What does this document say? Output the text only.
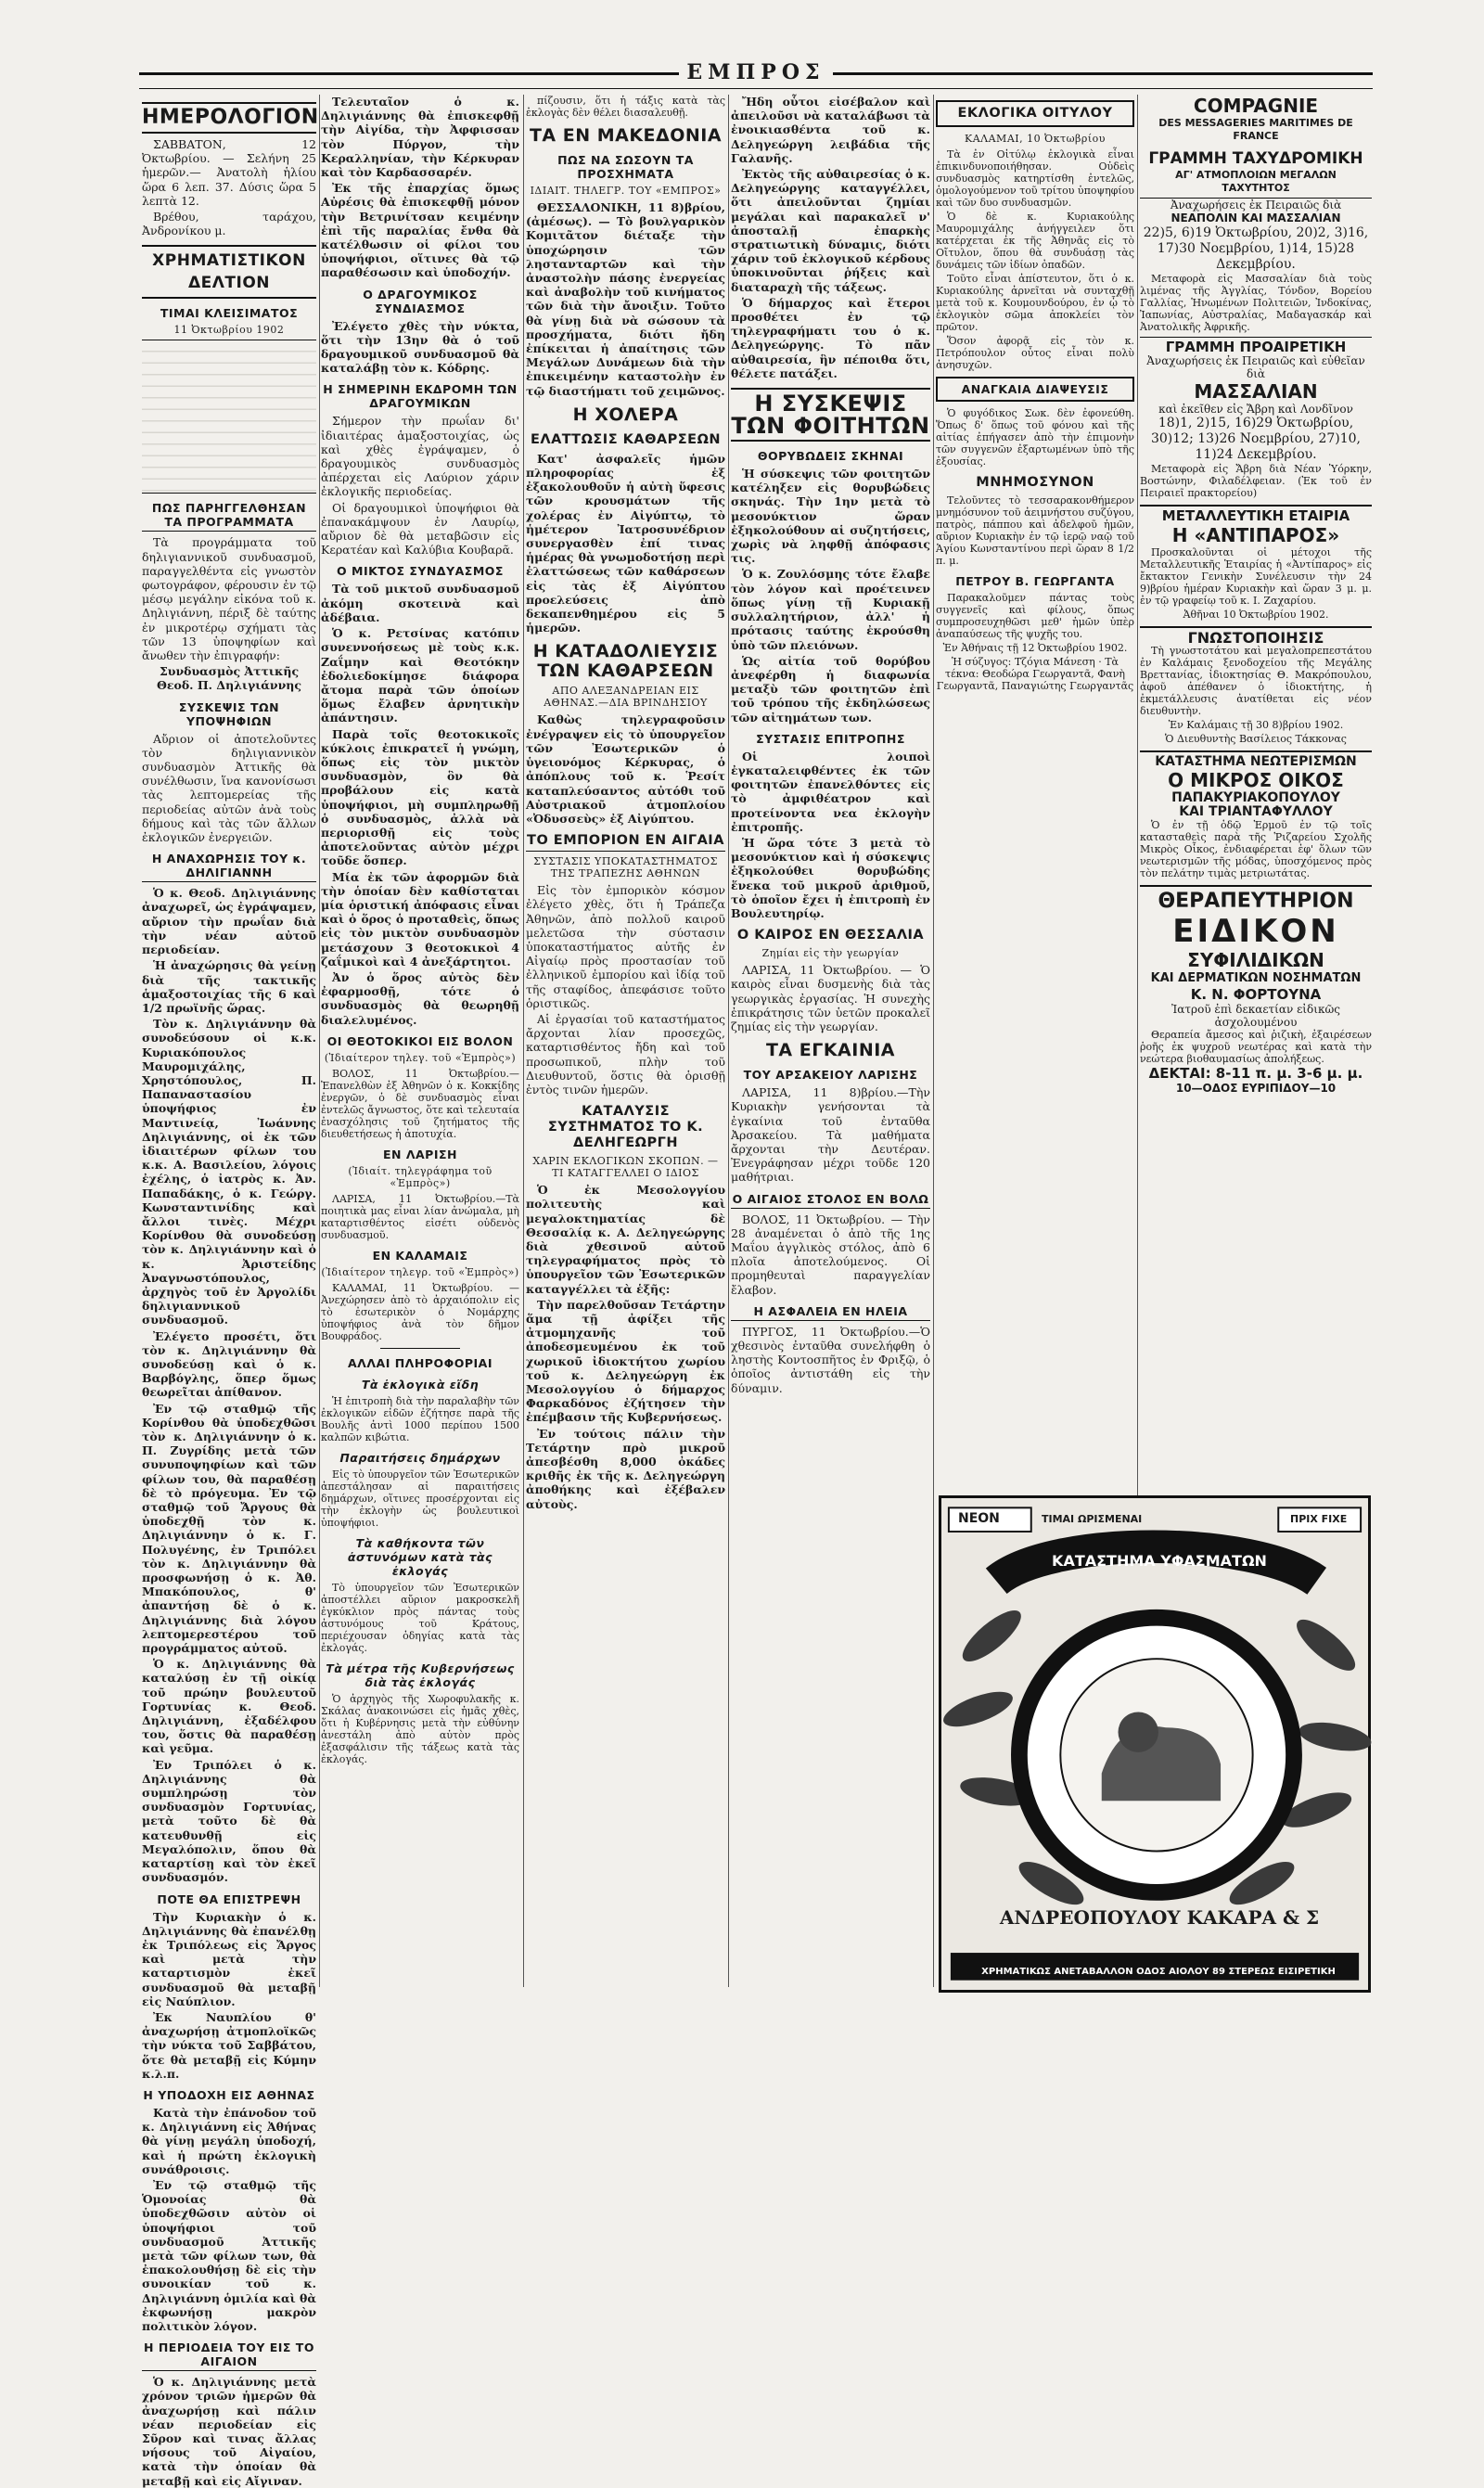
ΕΜΠΡΟΣ
ΗΜΕΡΟΛΟΓΙΟΝ

ΣΑΒΒΑΤΟΝ, 12 Ὀκτωβρίου. — Σελήνη 25 ἡμερῶν.— Ἀνατολὴ ἡλίου ὥρα 6 λεπ. 37. Δύσις ὥρα 5 λεπτὰ 12.

Βρέθου, ταράχου, Ἀνδρονίκου μ.

ΧΡΗΜΑΤΙΣΤΙΚΟΝ ΔΕΛΤΙΟΝ
ΤΙΜΑΙ ΚΛΕΙΣΙΜΑΤΟΣ
11 Ὀκτωβρίου 1902
ΠΩΣ ΠΑΡΗΓΓΕΛΘΗΣΑΝ ΤΑ ΠΡΟΓΡΑΜΜΑΤΑ

Τὰ προγράμματα τοῦ δηλιγιαννικοῦ συνδυασμοῦ, παραγγελθέντα εἰς γνωστὸν φωτογράφον, φέρουσιν ἐν τῷ μέσῳ μεγάλην εἰκόνα τοῦ κ. Δηλιγιάννη, πέριξ δὲ ταύτης ἐν μικροτέρῳ σχήματι τὰς τῶν 13 ὑποψηφίων καὶ ἄνωθεν τὴν ἐπιγραφήν:

Συνδυασμὸς Ἀττικῆς Θεοδ. Π. Δηλιγιάννης

ΣΥΣΚΕΨΙΣ ΤΩΝ ΥΠΟΨΗΦΙΩΝ

Αὔριον οἱ ἀποτελοῦντες τὸν δηλιγιαννικὸν συνδυασμὸν Ἀττικῆς θὰ συνέλθωσιν, ἵνα κανονίσωσι τὰς λεπτομερείας τῆς περιοδείας αὐτῶν ἀνὰ τοὺς δήμους καὶ τὰς τῶν ἄλλων ἐκλογικῶν ἐνεργειῶν.

Η ΑΝΑΧΩΡΗΣΙΣ ΤΟΥ κ. ΔΗΛΙΓΙΑΝΝΗ

Ὁ κ. Θεοδ. Δηλιγιάννης ἀναχωρεῖ, ὡς ἐγράψαμεν, αὔριον τὴν πρωΐαν διὰ τὴν νέαν αὐτοῦ περιοδείαν.

Ἡ ἀναχώρησις θὰ γείνῃ διὰ τῆς τακτικῆς ἁμαξοστοιχίας τῆς 6 καὶ 1/2 πρωϊνῆς ὥρας.

Τὸν κ. Δηλιγιάννην θὰ συνοδεύσουν οἱ κ.κ. Κυριακόπουλος Μαυρομιχάλης, Χρηστόπουλος, Π. Παπαναστασίου ὑποψήφιος ἐν Μαντινείᾳ, Ἰωάννης Δηλιγιάννης, οἱ ἐκ τῶν ἰδιαιτέρων φίλων του κ.κ. Α. Βασιλείου, λόγοις ἐχέλης, ὁ ἰατρὸς κ. Ἀν. Παπαδάκης, ὁ κ. Γεώργ. Κωνσταντινίδης καὶ ἄλλοι τινὲς. Μέχρι Κορίνθου θὰ συνοδεύσῃ τὸν κ. Δηλιγιάννην καὶ ὁ κ. Ἀριστείδης Ἀναγνωστόπουλος, ἀρχηγὸς τοῦ ἐν Ἀργολίδι δηλιγιαννικοῦ συνδυασμοῦ.

Ἐλέγετο προσέτι, ὅτι τὸν κ. Δηλιγιάννην θὰ συνοδεύσῃ καὶ ὁ κ. Βαρβόγλης, ὅπερ ὅμως θεωρεῖται ἀπίθανον.

Ἐν τῷ σταθμῷ τῆς Κορίνθου θὰ ὑποδεχθῶσι τὸν κ. Δηλιγιάννην ὁ κ. Π. Ζυγρίδης μετὰ τῶν συνυποψηφίων καὶ τῶν φίλων του, θὰ παραθέσῃ δὲ τὸ πρόγευμα. Ἐν τῷ σταθμῷ τοῦ Ἄργους θὰ ὑποδεχθῇ τὸν κ. Δηλιγιάννην ὁ κ. Γ. Πολυγένης, ἐν Τριπόλει τὸν κ. Δηλιγιάννην θὰ προσφωνήσῃ ὁ κ. Ἀθ. Μπακόπουλος, θ' ἀπαντήσῃ δὲ ὁ κ. Δηλιγιάννης διὰ λόγου λεπτομερεστέρου τοῦ προγράμματος αὐτοῦ.

Ὁ κ. Δηλιγιάννης θὰ καταλύσῃ ἐν τῇ οἰκίᾳ τοῦ πρώην βουλευτοῦ Γορτυνίας κ. Θεοδ. Δηλιγιάννη, ἐξαδέλφου του, ὅστις θὰ παραθέσῃ καὶ γεῦμα.

Ἐν Τριπόλει ὁ κ. Δηλιγιάννης θὰ συμπληρώσῃ τὸν συνδυασμὸν Γορτυνίας, μετὰ τοῦτο δὲ θὰ κατευθυνθῇ εἰς Μεγαλόπολιν, ὅπου θὰ καταρτίσῃ καὶ τὸν ἐκεῖ συνδυασμόν.

ΠΟΤΕ ΘΑ ΕΠΙΣΤΡΕΨΗ

Τὴν Κυριακὴν ὁ κ. Δηλιγιάννης θὰ ἐπανέλθῃ ἐκ Τριπόλεως εἰς Ἄργος καὶ μετὰ τὴν καταρτισμὸν ἐκεῖ συνδυασμοῦ θὰ μεταβῇ εἰς Ναύπλιον.

Ἐκ Ναυπλίου θ' ἀναχωρήσῃ ἀτμοπλοϊκῶς τὴν νύκτα τοῦ Σαββάτου, ὅτε θὰ μεταβῇ εἰς Κύμην κ.λ.π.

Η ΥΠΟΔΟΧΗ ΕΙΣ ΑΘΗΝΑΣ

Κατὰ τὴν ἐπάνοδον τοῦ κ. Δηλιγιάννη εἰς Ἀθήνας θὰ γίνῃ μεγάλη ὑποδοχή, καὶ ἡ πρώτη ἐκλογικὴ συνάθροισις.

Ἐν τῷ σταθμῷ τῆς Ὁμονοίας θὰ ὑποδεχθῶσιν αὐτὸν οἱ ὑποψήφιοι τοῦ συνδυασμοῦ Ἀττικῆς μετὰ τῶν φίλων των, θὰ ἐπακολουθήσῃ δὲ εἰς τὴν συνοικίαν τοῦ κ. Δηλιγιάννη ὁμιλία καὶ θὰ ἐκφωνήσῃ μακρὸν πολιτικὸν λόγον.

Η ΠΕΡΙΟΔΕΙΑ ΤΟΥ ΕΙΣ ΤΟ ΑΙΓΑΙΟΝ

Ὁ κ. Δηλιγιάννης μετὰ χρόνον τριῶν ἡμερῶν θὰ ἀναχωρήσῃ καὶ πάλιν νέαν περιοδείαν εἰς Σῦρον καὶ τινας ἄλλας νήσους τοῦ Αἰγαίου, κατὰ τὴν ὁποίαν θὰ μεταβῇ καὶ εἰς Αἴγιναν.

Τελευταῖον ὁ κ. Δηλιγιάννης θὰ ἐπισκεφθῇ τὴν Αἰγίδα, τὴν Ἀφφισσαν τὸν Πύργον, τὴν Κεραλληνίαν, τὴν Κέρκυραν καὶ τὸν Καρδασσαρέν.

Ἐκ τῆς ἐπαρχίας ὅμως Αὐρέσις θὰ ἐπισκεφθῇ μόνον τὴν Βετρινίτσαν κειμένην ἐπὶ τῆς παραλίας ἔνθα θὰ κατέλθωσιν οἱ φίλοι του ὑποψήφιοι, οἵτινες θὰ τῷ παραθέσωσιν καὶ ὑποδοχήν.

Ο ΔΡΑΓΟΥΜΙΚΟΣ ΣΥΝΔΙΑΣΜΟΣ

Ἐλέγετο χθὲς τὴν νύκτα, ὅτι τὴν 13ην θὰ ὁ τοῦ δραγουμικοῦ συνδυασμοῦ θὰ καταλάβῃ τὸν κ. Κόδρης.

Η ΣΗΜΕΡΙΝΗ ΕΚΔΡΟΜΗ ΤΩΝ ΔΡΑΓΟΥΜΙΚΩΝ

Σήμερον τὴν πρωΐαν δι' ἰδιαιτέρας ἁμαξοστοιχίας, ὡς καὶ χθὲς ἐγράψαμεν, ὁ δραγουμικὸς συνδυασμὸς ἀπέρχεται εἰς Λαύριον χάριν ἐκλογικῆς περιοδείας.

Οἱ δραγουμικοὶ ὑποψήφιοι θὰ ἐπανακάμψουν ἐν Λαυρίῳ, αὔριον δὲ θὰ μεταβῶσιν εἰς Κερατέαν καὶ Καλύβια Κουβαρᾶ.

Ο ΜΙΚΤΟΣ ΣΥΝΔΥΑΣΜΟΣ

Τὰ τοῦ μικτοῦ συνδυασμοῦ ἀκόμη σκοτεινὰ καὶ ἀδέβαια.

Ὁ κ. Ρετσίνας κατόπιν συνεννοήσεως μὲ τοὺς κ.κ. Ζαΐμην καὶ Θεοτόκην ἐδολιεδοκίμησε διάφορα ἄτομα παρὰ τῶν ὁποίων ὅμως ἔλαβεν ἀρνητικὴν ἀπάντησιν.

Παρὰ τοῖς θεοτοκικοῖς κύκλοις ἐπικρατεῖ ἡ γνώμη, ὅπως εἰς τὸν μικτὸν συνδυασμὸν, ὃν θὰ προβάλουν εἰς κατὰ ὑποψήφιοι, μὴ συμπληρωθῇ ὁ συνδυασμὸς, ἀλλὰ νὰ περιορισθῇ εἰς τοὺς ἀποτελοῦντας αὐτὸν μέχρι τοῦδε ὅσπερ.

Μία ἐκ τῶν ἀφορμῶν διὰ τὴν ὁποίαν δὲν καθίσταται μία ὁριστική ἀπόφασις εἶναι καὶ ὁ ὅρος ὁ προταθεὶς, ὅπως εἰς τὸν μικτὸν συνδυασμὸν μετάσχουν 3 θεοτοκικοὶ 4 ζαΐμικοὶ καὶ 4 ἀνεξάρτητοι.

Ἀν ὁ ὅρος αὐτὸς δὲν ἐφαρμοσθῇ, τότε ὁ συνδυασμὸς θὰ θεωρηθῇ διαλελυμένος.

ΟΙ ΘΕΟΤΟΚΙΚΟΙ ΕΙΣ ΒΟΛΟΝ
(Ἰδιαίτερον τηλεγ. τοῦ «Ἐμπρὸς»)

ΒΟΛΟΣ, 11 Ὀκτωβρίου.—Ἐπανελθὼν ἐξ Ἀθηνῶν ὁ κ. Κοκκίδης ἐνεργῶν, ὁ δὲ συνδυασμὸς εἶναι ἐντελῶς ἄγνωστος, ὅτε καὶ τελευταία ἐνασχόλησις τοῦ ζητήματος τῆς διευθετήσεως ἡ ἀποτυχία.

ΕΝ ΛΑΡΙΣΗ
(Ἰδιαίτ. τηλεγράφημα τοῦ «Ἐμπρὸς»)

ΛΑΡΙΣΑ, 11 Ὀκτωβρίου.—Τὰ ποιητικὰ μας εἶναι λίαν ἀνώμαλα, μὴ καταρτισθέντος εἰσέτι οὐδενὸς συνδυασμοῦ.

ΕΝ ΚΑΛΑΜΑΙΣ
(Ἰδιαίτερον τηλεγρ. τοῦ «Ἐμπρὸς»)

ΚΑΛΑΜΑΙ, 11 Ὀκτωβρίου. — Ἀνεχώρησεν ἀπὸ τὸ ἀρχαιόπολιν εἰς τὸ ἐσωτερικὸν ὁ Νομάρχης ὑποψήφιος ἀνὰ τὸν δῆμον Βουφράδος.

ΑΛΛΑΙ ΠΛΗΡΟΦΟΡΙΑΙ
Τὰ ἐκλογικὰ εἴδη

Ἡ ἐπιτροπὴ διὰ τὴν παραλαβὴν τῶν ἐκλογικῶν εἰδῶν ἐζήτησε παρὰ τῆς Βουλῆς ἀντὶ 1000 περίπου 1500 καλπῶν κιβώτια.

Παραιτήσεις δημάρχων

Εἰς τὸ ὑπουργεῖον τῶν Ἐσωτερικῶν ἀπεστάλησαν αἱ παραιτήσεις δημάρχων, οἵτινες προσέρχονται εἰς τὴν ἐκλογὴν ὡς βουλευτικοὶ ὑποψήφιοι.

Τὰ καθήκοντα τῶν ἀστυνόμων κατὰ τὰς ἐκλογάς

Τὸ ὑπουργεῖον τῶν Ἐσωτερικῶν ἀποστέλλει αὔριον μακροσκελῆ ἐγκύκλιον πρὸς πάντας τοὺς ἀστυνόμους τοῦ Κράτους, περιέχουσαν ὁδηγίας κατὰ τὰς ἐκλογάς.

Τὰ μέτρα τῆς Κυβερνήσεως διὰ τὰς ἐκλογάς

Ὁ ἀρχηγὸς τῆς Χωροφυλακῆς κ. Σκάλας ἀνακοινώσει εἰς ἡμᾶς χθὲς, ὅτι ἡ Κυβέρνησις μετὰ τὴν εὐθύνην ἀνεστάλη ἀπὸ αὐτὸν πρὸς ἐξασφάλισιν τῆς τάξεως κατὰ τὰς ἐκλογάς.

πίζουσιν, ὅτι ἡ τάξις κατὰ τὰς ἐκλογὰς δὲν θέλει διασαλευθῇ.

ΤΑ ΕΝ ΜΑΚΕΔΟΝΙΑ
ΠΩΣ ΝΑ ΣΩΣΟΥΝ ΤΑ ΠΡΟΣΧΗΜΑΤΑ
ΙΔΙΑΙΤ. ΤΗΛΕΓΡ. ΤΟΥ «ΕΜΠΡΟΣ»

ΘΕΣΣΑΛΟΝΙΚΗ, 11 8)βρίου, (ἀμέσως). — Τὸ βουλγαρικὸν Κομιτᾶτον διέταξε τὴν ὑποχώρησιν τῶν ληστανταρτῶν καὶ τὴν ἀναστολὴν πάσης ἐνεργείας καὶ ἀναβολὴν τοῦ κινήματος τῶν διὰ τὴν ἄνοιξιν. Τοῦτο θὰ γίνῃ διὰ νὰ σώσουν τὰ προσχήματα, διότι ἤδη ἐπίκειται ἡ ἀπαίτησις τῶν Μεγάλων Δυνάμεων διὰ τὴν ἐπικειμένην καταστολὴν ἐν τῷ διαστήματι τοῦ χειμῶνος.

Η ΧΟΛΕΡΑ
ΕΛΑΤΤΩΣΙΣ ΚΑΘΑΡΣΕΩΝ

Κατ' ἀσφαλεῖς ἡμῶν πληροφορίας ἐξ ἐξακολουθοῦν ἡ αὐτὴ ὕφεσις τῶν κρουσμάτων τῆς χολέρας ἐν Αἰγύπτῳ, τὸ ἡμέτερον Ἰατροσυνέδριον συνεργασθὲν ἐπί τινας ἡμέρας θὰ γνωμοδοτήσῃ περὶ ἐλαττώσεως τῶν καθάρσεων εἰς τὰς ἐξ Αἰγύπτου προελεύσεις ἀπὸ δεκαπενθημέρου εἰς 5 ἡμερῶν.

Η ΚΑΤΑΔΟΛΙΕΥΣΙΣ ΤΩΝ ΚΑΘΑΡΣΕΩΝ
ΑΠΟ ΑΛΕΞΑΝΔΡΕΙΑΝ ΕΙΣ ΑΘΗΝΑΣ.—ΔΙΑ ΒΡΙΝΔΗΣΙΟΥ

Καθὼς τηλεγραφοῦσιν ἐνέγραψεν εἰς τὸ ὑπουργεῖον τῶν Ἐσωτερικῶν ὁ ὑγειονόμος Κέρκυρας, ὁ ἀπόπλους τοῦ κ. Ῥεσίτ καταπλεύσαντος αὐτόθι τοῦ Αὐστριακοῦ ἀτμοπλοίου «Ὀδυσσεὺς» ἐξ Αἰγύπτου.

ΤΟ ΕΜΠΟΡΙΟΝ ΕΝ ΑΙΓΑΙΑ
ΣΥΣΤΑΣΙΣ ΥΠΟΚΑΤΑΣΤΗΜΑΤΟΣ ΤΗΣ ΤΡΑΠΕΖΗΣ ΑΘΗΝΩΝ

Εἰς τὸν ἐμπορικὸν κόσμον ἐλέγετο χθὲς, ὅτι ἡ Τράπεζα Ἀθηνῶν, ἀπὸ πολλοῦ καιροῦ μελετῶσα τὴν σύστασιν ὑποκαταστήματος αὐτῆς ἐν Αἰγαίῳ πρὸς προστασίαν τοῦ ἐλληνικοῦ ἐμπορίου καὶ ἰδίᾳ τοῦ τῆς σταφίδος, ἀπεφάσισε τοῦτο ὁριστικῶς.

Αἱ ἐργασίαι τοῦ καταστήματος ἄρχονται λίαν προσεχῶς, καταρτισθέντος ἤδη καὶ τοῦ προσωπικοῦ, πλὴν τοῦ Διευθυντοῦ, ὅστις θὰ ὁρισθῇ ἐντὸς τινῶν ἡμερῶν.

ΚΑΤΑΛΥΣΙΣ ΣΥΣΤΗΜΑΤΟΣ ΤΟ Κ. ΔΕΛΗΓΕΩΡΓΗ
ΧΑΡΙΝ ΕΚΛΟΓΙΚΩΝ ΣΚΟΠΩΝ. — ΤΙ ΚΑΤΑΓΓΕΛΛΕΙ Ο ΙΔΙΟΣ

Ὁ ἐκ Μεσολογγίου πολιτευτὴς καὶ μεγαλοκτηματίας δὲ Θεσσαλίᾳ κ. Α. Δεληγεώργης διὰ χθεσινοῦ αὐτοῦ τηλεγραφήματος πρὸς τὸ ὑπουργεῖον τῶν Ἐσωτερικῶν καταγγέλλει τὰ ἑξῆς:

Τὴν παρελθοῦσαν Τετάρτην ἅμα τῇ ἀφίξει τῆς ἀτμομηχανῆς τοῦ ἀποδεσμευμένου ἐκ τοῦ χωρικοῦ ἰδιοκτήτου χωρίου τοῦ κ. Δεληγεώργη ἐκ Μεσολογγίου ὁ δήμαρχος Φαρκαδόνος ἐζήτησεν τὴν ἐπέμβασιν τῆς Κυβερνήσεως.

Ἐν τούτοις πάλιν τὴν Τετάρτην πρὸ μικροῦ ἀπεσβέσθη 8,000 ὀκάδες κριθῆς ἐκ τῆς κ. Δεληγεώργη ἀποθήκης καὶ ἐξέβαλεν αὐτοὺς.

Ἤδη οὗτοι εἰσέβαλον καὶ ἀπειλοῦσι νὰ καταλάβωσι τὰ ἐνοικιασθέντα τοῦ κ. Δεληγεώργη λειβάδια τῆς Γαλανῆς.

Ἐκτὸς τῆς αὐθαιρεσίας ὁ κ. Δεληγεώργης καταγγέλλει, ὅτι ἀπειλοῦνται ζημίαι μεγάλαι καὶ παρακαλεῖ ν' ἀποσταλῇ ἐπαρκὴς στρατιωτικὴ δύναμις, διότι χάριν τοῦ ἐκλογικοῦ κέρδους ὑποκινοῦνται ῥήξεις καὶ διαταραχὴ τῆς τάξεως.

Ὁ δήμαρχος καὶ ἕτεροι προσθέτει ἐν τῷ τηλεγραφήματι του ὁ κ. Δεληγεώργης. Τὸ πᾶν αὐθαιρεσία, ἣν πέποιθα ὅτι, θέλετε πατάξει.

Η ΣΥΣΚΕΨΙΣ ΤΩΝ ΦΟΙΤΗΤΩΝ
ΘΟΡΥΒΩΔΕΙΣ ΣΚΗΝΑΙ

Ἡ σύσκεψις τῶν φοιτητῶν κατέληξεν εἰς θορυβώδεις σκηνάς. Τὴν 1ην μετὰ τὸ μεσονύκτιον ὥραν ἐξηκολούθουν αἱ συζητήσεις, χωρὶς νὰ ληφθῇ ἀπόφασις τις.

Ὁ κ. Ζουλόσμης τότε ἔλαβε τὸν λόγον καὶ προέτεινεν ὅπως γίνῃ τῇ Κυριακῇ συλλαλητήριον, ἀλλ' ἡ πρότασις ταύτης ἐκρούσθη ὑπὸ τῶν πλειόνων.

Ὡς αἰτία τοῦ θορύβου ἀνεφέρθη ἡ διαφωνία μεταξὺ τῶν φοιτητῶν ἐπὶ τοῦ τρόπου τῆς ἐκδηλώσεως τῶν αἰτημάτων των.

ΣΥΣΤΑΣΙΣ ΕΠΙΤΡΟΠΗΣ

Οἱ λοιποὶ ἐγκαταλειφθέντες ἐκ τῶν φοιτητῶν ἐπανελθόντες εἰς τὸ ἀμφιθέατρον καὶ προτείνοντα νεα ἐκλογὴν ἐπιτροπῆς.

Ἡ ὥρα τότε 3 μετὰ τὸ μεσονύκτιον καὶ ἡ σύσκεψις ἐξηκολούθει θορυβώδης ἕνεκα τοῦ μικροῦ ἀριθμοῦ, τὸ ὁποῖον ἔχει ἡ ἐπιτροπὴ ἐν Βουλευτηρίῳ.

Ο ΚΑΙΡΟΣ ΕΝ ΘΕΣΣΑΛΙΑ
Ζημίαι εἰς τὴν γεωργίαν

ΛΑΡΙΣΑ, 11 Ὀκτωβρίου. — Ὁ καιρὸς εἶναι δυσμενὴς διὰ τὰς γεωργικὰς ἐργασίας. Ἡ συνεχὴς ἐπικράτησις τῶν ὑετῶν προκαλεῖ ζημίας εἰς τὴν γεωργίαν.

ΤΑ ΕΓΚΑΙΝΙΑ
ΤΟΥ ΑΡΣΑΚΕΙΟΥ ΛΑΡΙΣΗΣ

ΛΑΡΙΣΑ, 11 8)βρίου.—Τὴν Κυριακὴν γενήσονται τὰ ἐγκαίνια τοῦ ἐνταῦθα Ἀρσακείου. Τὰ μαθήματα ἄρχονται τὴν Δευτέραν. Ἐνεγράφησαν μέχρι τοῦδε 120 μαθήτριαι.

Ο ΑΙΓΑΙΟΣ ΣΤΟΛΟΣ ΕΝ ΒΟΛΩ

ΒΟΛΟΣ, 11 Ὀκτωβρίου. — Τὴν 28 ἀναμένεται ὁ ἀπὸ τῆς 1ης Μαΐου ἀγγλικὸς στόλος, ἀπὸ 6 πλοῖα ἀποτελούμενος. Οἱ προμηθευταὶ παραγγελίαν ἔλαβον.

Η ΑΣΦΑΛΕΙΑ ΕΝ ΗΛΕΙΑ

ΠΥΡΓΟΣ, 11 Ὀκτωβρίου.—Ὁ χθεσινὸς ἐνταῦθα συνελήφθη ὁ ληστὴς Κοντοσπῆτος ἐν Φριξῷ, ὁ ὁποῖος ἀντιστάθη εἰς τὴν δύναμιν.

ΕΚΛΟΓΙΚΑ ΟΙΤΥΛΟΥ
ΚΑΛΑΜΑΙ, 10 Ὀκτωβρίου

Τὰ ἐν Οἰτύλῳ ἐκλογικὰ εἶναι ἐπικινδυνοποιήθησαν. Οὐδεὶς συνδυασμὸς κατηρτίσθη ἐντελῶς, ὁμολογούμενον τοῦ τρίτου ὑποψηφίου καὶ τῶν δυο συνδυασμῶν.

Ὁ δὲ κ. Κυριακούλης Μαυρομιχάλης ἀνήγγειλεν ὅτι κατέρχεται ἐκ τῆς Ἀθηνᾶς εἰς τὸ Οἴτυλον, ὅπου θὰ συνδυάσῃ τὰς δυνάμεις τῶν ἰδίων ὀπαδῶν.

Τοῦτο εἶναι ἀπίστευτον, ὅτι ὁ κ. Κυριακούλης ἀρνεῖται νὰ συνταχθῇ μετὰ τοῦ κ. Κουμουνδούρου, ἐν ᾧ τὸ ἐκλογικὸν σῶμα ἀποκλείει τὸν πρῶτον.

Ὅσον ἀφορᾷ εἰς τὸν κ. Πετρόπουλον οὗτος εἶναι πολὺ ἀνησυχῶν.

ΑΝΑΓΚΑΙΑ ΔΙΑΨΕΥΣΙΣ

Ὁ φυγόδικος Σωκ. δὲν ἐφονεύθη. Ὅπως δ' ὅπως τοῦ φόνου καὶ τῆς αἰτίας ἐπήγασεν ἀπὸ τὴν ἐπιμονὴν τῶν συγγενῶν ἐξαρτωμένων ὑπὸ τῆς ἐξουσίας.

ΜΝΗΜΟΣΥΝΟΝ

Τελοῦντες τὸ τεσσαρακονθήμερον μνημόσυνον τοῦ ἀειμνήστου συζύγου, πατρὸς, πάππου καὶ ἀδελφοῦ ἡμῶν, αὔριον Κυριακὴν ἐν τῷ ἱερῷ ναῷ τοῦ Ἁγίου Κωνσταντίνου περὶ ὥραν 8 1/2 π. μ.

ΠΕΤΡΟΥ Β. ΓΕΩΡΓΑΝΤΑ

Παρακαλοῦμεν πάντας τοὺς συγγενεῖς καὶ φίλους, ὅπως συμπροσευχηθῶσι μεθ' ἡμῶν ὑπὲρ ἀναπαύσεως τῆς ψυχῆς του.

Ἐν Ἀθήναις τῇ 12 Ὀκτωβρίου 1902.

Ἡ σύζυγος: Τζόγια Μάνεση · Τὰ τέκνα: Θεοδώρα Γεωργαντᾶ, Φανὴ Γεωργαντᾶ, Παναγιώτης Γεωργαντᾶς

ΝΕΟΝ	ΠΡΙΧ FIXE
ΤΙΜΑΙ ΩΡΙΣΜΕΝΑΙ
ΚΑΤΑΣΤΗΜΑ ΥΦΑΣΜΑΤΩΝ
ΑΝΔΡΕΟΠΟΥΛΟΥ ΚΑΚΑΡΑ & Σ
ΧΡΗΜΑΤΙΚΩΣ ΑΝΕΤΑΒΑΛΛΟΝ ΟΔΟΣ ΑΙΟΛΟΥ 89 ΣΤΕΡΕΩΣ ΕΙΣΙΡΕΤΙΚΗ
COMPAGNIE
DES MESSAGERIES MARITIMES DE FRANCE
ΓΡΑΜΜΗ ΤΑΧΥΔΡΟΜΙΚΗ
ΑΓ' ΑΤΜΟΠΛΟΙΩΝ ΜΕΓΑΛΩΝ ΤΑΧΥΤΗΤΟΣ
Ἀναχωρήσεις ἐκ Πειραιῶς διὰ
ΝΕΑΠΟΛΙΝ ΚΑΙ ΜΑΣΣΑΛΙΑΝ
22)5, 6)19 Ὀκτωβρίου, 20)2, 3)16, 17)30 Νοεμβρίου, 1)14, 15)28 Δεκεμβρίου.

Μεταφορὰ εἰς Μασσαλίαν διὰ τοὺς λιμένας τῆς Ἀγγλίας, Τόνδον, Βορείου Γαλλίας, Ἡνωμένων Πολιτειῶν, Ἰνδοκίνας, Ἰαπωνίας, Αὐστραλίας, Μαδαγασκάρ καὶ Ἀνατολικῆς Ἀφρικῆς.

ΓΡΑΜΜΗ ΠΡΟΑΙΡΕΤΙΚΗ
Ἀναχωρήσεις ἐκ Πειραιῶς καὶ εὐθεῖαν διὰ
ΜΑΣΣΑΛΙΑΝ
καὶ ἐκεῖθεν εἰς Ἄβρη καὶ Λονδῖνον
18)1, 2)15, 16)29 Ὀκτωβρίου, 30)12; 13)26 Νοεμβρίου, 27)10, 11)24 Δεκεμβρίου.

Μεταφορὰ εἰς Ἄβρη διὰ Νέαν Ὑόρκην, Βοστώνην, Φιλαδέλφειαν. (Ἐκ τοῦ ἐν Πειραιεῖ πρακτορείου)

ΜΕΤΑΛΛΕΥΤΙΚΗ ΕΤΑΙΡΙΑ
Η «ΑΝΤΙΠΑΡΟΣ»

Προσκαλοῦνται οἱ μέτοχοι τῆς Μεταλλευτικῆς Ἑταιρίας ἡ «Ἀντίπαρος» εἰς ἔκτακτον Γενικὴν Συνέλευσιν τὴν 24 9)βρίου ἡμέραν Κυριακὴν καὶ ὥραν 3 μ. μ. ἐν τῷ γραφείῳ τοῦ κ. Ι. Ζαχαρίου.

Ἀθῆναι 10 Ὀκτωβρίου 1902.

ΓΝΩΣΤΟΠΟΙΗΣΙΣ

Τὴ γνωστοτάτου καὶ μεγαλοπρεπεστάτου ἐν Καλάμαις ξενοδοχείου τῆς Μεγάλης Βρεττανίας, ἰδιοκτησίας Θ. Μακρόπουλου, ἀφοῦ ἀπέθανεν ὁ ἰδιοκτήτης, ἡ ἐκμετάλλευσις ἀνατίθεται εἰς νέον διευθυντὴν.

Ἐν Καλάμαις τῇ 30 8)βρίου 1902.

Ὁ Διευθυντὴς Βασίλειος Τάκκονας

ΚΑΤΑΣΤΗΜΑ ΝΕΩΤΕΡΙΣΜΩΝ
Ο ΜΙΚΡΟΣ ΟΙΚΟΣ
ΠΑΠΑΚΥΡΙΑΚΟΠΟΥΛΟΥ
ΚΑΙ ΤΡΙΑΝΤΑΦΥΛΛΟΥ

Ὁ ἐν τῇ ὁδῷ Ἑρμοῦ ἐν τῷ τοῖς κατασταθεὶς παρὰ τῆς Ῥιζαρείου Σχολῆς Μικρὸς Οἶκος, ἐνδιαφέρεται ἐφ' ὅλων τῶν νεωτερισμῶν τῆς μόδας, ὑποσχόμενος πρὸς τὸν πελάτην τιμὰς μετριωτάτας.

ΘΕΡΑΠΕΥΤΗΡΙΟΝ
ΕΙΔΙΚΟΝ
ΣΥΦΙΛΙΔΙΚΩΝ
ΚΑΙ ΔΕΡΜΑΤΙΚΩΝ ΝΟΣΗΜΑΤΩΝ
Κ. Ν. ΦΟΡΤΟΥΝΑ
Ἰατροῦ ἐπὶ δεκαετίαν εἰδικῶς ἀσχολουμένου

Θεραπεία ἄμεσος καὶ ῥιζικὴ, ἐξαιρέσεων ῥοῆς ἐκ ψυχροῦ νεωτέρας καὶ κατὰ τὴν νεώτερα βιοθαυμασίως ἀπολήξεως.

ΔΕΚΤΑΙ: 8-11 π. μ. 3-6 μ. μ.
10—ΟΔΟΣ ΕΥΡΙΠΙΔΟΥ—10
